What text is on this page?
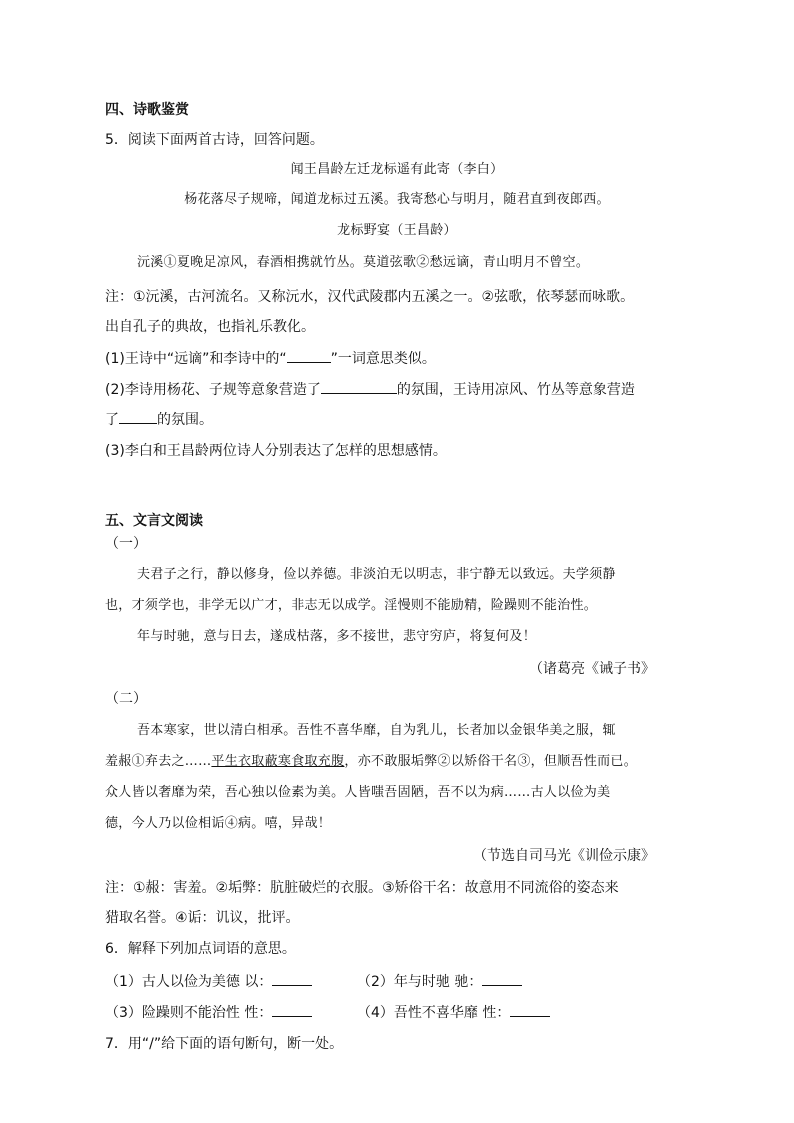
四、诗歌鉴赏
5．阅读下面两首古诗，回答问题。
闻王昌龄左迁龙标遥有此寄（李白）
杨花落尽子规啼，闻道龙标过五溪。我寄愁心与明月，随君直到夜郎西。
龙标野宴（王昌龄）
沅溪①夏晚足凉风，春酒相携就竹丛。莫道弦歌②愁远谪，青山明月不曾空。
注：①沅溪，古河流名。又称沅水，汉代武陵郡内五溪之一。②弦歌，依琴瑟而咏歌。
出自孔子的典故，也指礼乐教化。
(1)王诗中“远谪”和李诗中的“	”一词意思类似。
(2)李诗用杨花、子规等意象营造了	的氛围，王诗用凉风、竹丛等意象营造
了	的氛围。
(3)李白和王昌龄两位诗人分别表达了怎样的思想感情。
五、文言文阅读
（一）
夫君子之行，静以修身，俭以养德。非淡泊无以明志，非宁静无以致远。夫学须静
也，才须学也，非学无以广才，非志无以成学。淫慢则不能励精，险躁则不能治性。
年与时驰，意与日去，遂成枯落，多不接世，悲守穷庐，将复何及！
（诸葛亮《诫子书》
（二）
吾本寒家，世以清白相承。吾性不喜华靡，自为乳儿，长者加以金银华美之服，辄
羞赧①弃去之……平生衣取蔽寒食取充腹，亦不敢服垢弊②以矫俗干名③，但顺吾性而已。
众人皆以奢靡为荣，吾心独以俭素为美。人皆嗤吾固陋，吾不以为病……古人以俭为美
德，今人乃以俭相诟④病。嘻，异哉！
（节选自司马光《训俭示康》
注：①赧：害羞。②垢弊：肮脏破烂的衣服。③矫俗干名：故意用不同流俗的姿态来
猎取名誉。④诟：讥议，批评。
6．解释下列加点词语的意思。
（1）古人以俭为美德 以：	（2）年与时驰 驰：
（3）险躁则不能治性 性：	（4）吾性不喜华靡 性：
7．用“/”给下面的语句断句，断一处。
